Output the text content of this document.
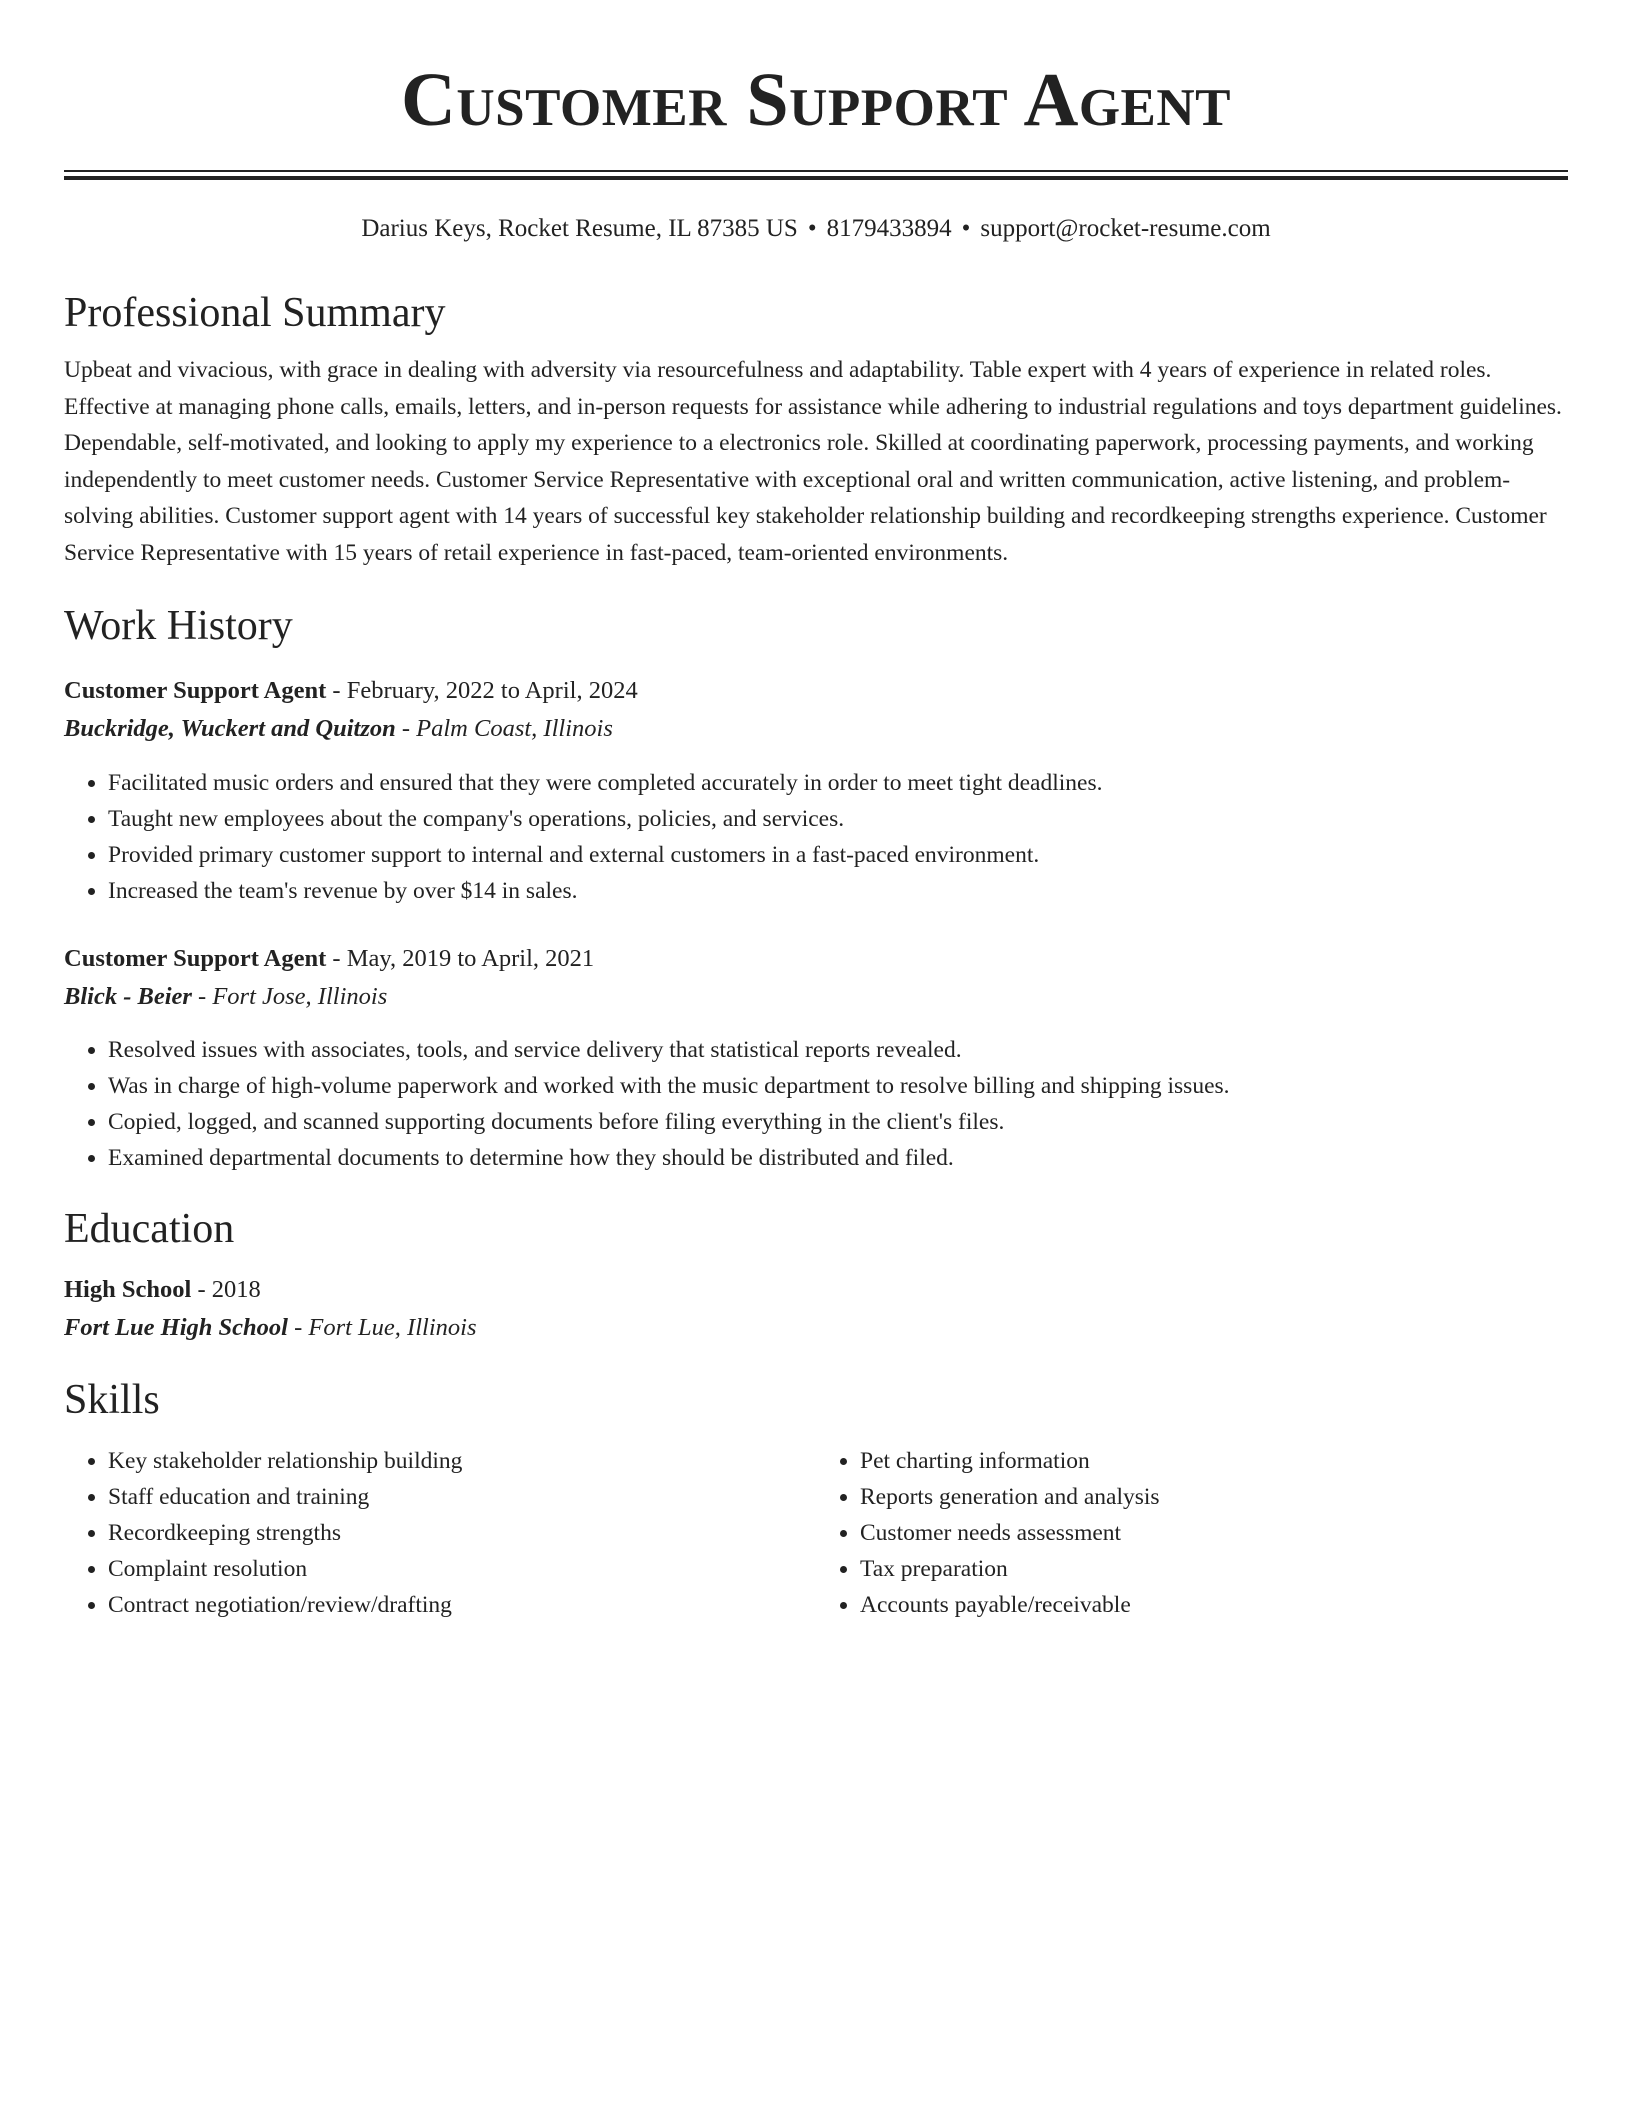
Customer Support Agent
Darius Keys, Rocket Resume, IL 87385 US • 8179433894 • support@rocket-resume.com
Professional Summary
Upbeat and vivacious, with grace in dealing with adversity via resourcefulness and adaptability. Table expert with 4 years of experience in related roles. Effective at managing phone calls, emails, letters, and in-person requests for assistance while adhering to industrial regulations and toys department guidelines. Dependable, self-motivated, and looking to apply my experience to a electronics role. Skilled at coordinating paperwork, processing payments, and working independently to meet customer needs. Customer Service Representative with exceptional oral and written communication, active listening, and problem-solving abilities. Customer support agent with 14 years of successful key stakeholder relationship building and recordkeeping strengths experience. Customer Service Representative with 15 years of retail experience in fast-paced, team-oriented environments.
Work History
Customer Support Agent - February, 2022 to April, 2024
Buckridge, Wuckert and Quitzon - Palm Coast, Illinois
• Facilitated music orders and ensured that they were completed accurately in order to meet tight deadlines.
• Taught new employees about the company's operations, policies, and services.
• Provided primary customer support to internal and external customers in a fast-paced environment.
• Increased the team's revenue by over $14 in sales.
Customer Support Agent - May, 2019 to April, 2021
Blick - Beier - Fort Jose, Illinois
• Resolved issues with associates, tools, and service delivery that statistical reports revealed.
• Was in charge of high-volume paperwork and worked with the music department to resolve billing and shipping issues.
• Copied, logged, and scanned supporting documents before filing everything in the client's files.
• Examined departmental documents to determine how they should be distributed and filed.
Education
High School - 2018
Fort Lue High School - Fort Lue, Illinois
Skills
• Key stakeholder relationship building
• Staff education and training
• Recordkeeping strengths
• Complaint resolution
• Contract negotiation/review/drafting
• Pet charting information
• Reports generation and analysis
• Customer needs assessment
• Tax preparation
• Accounts payable/receivable
